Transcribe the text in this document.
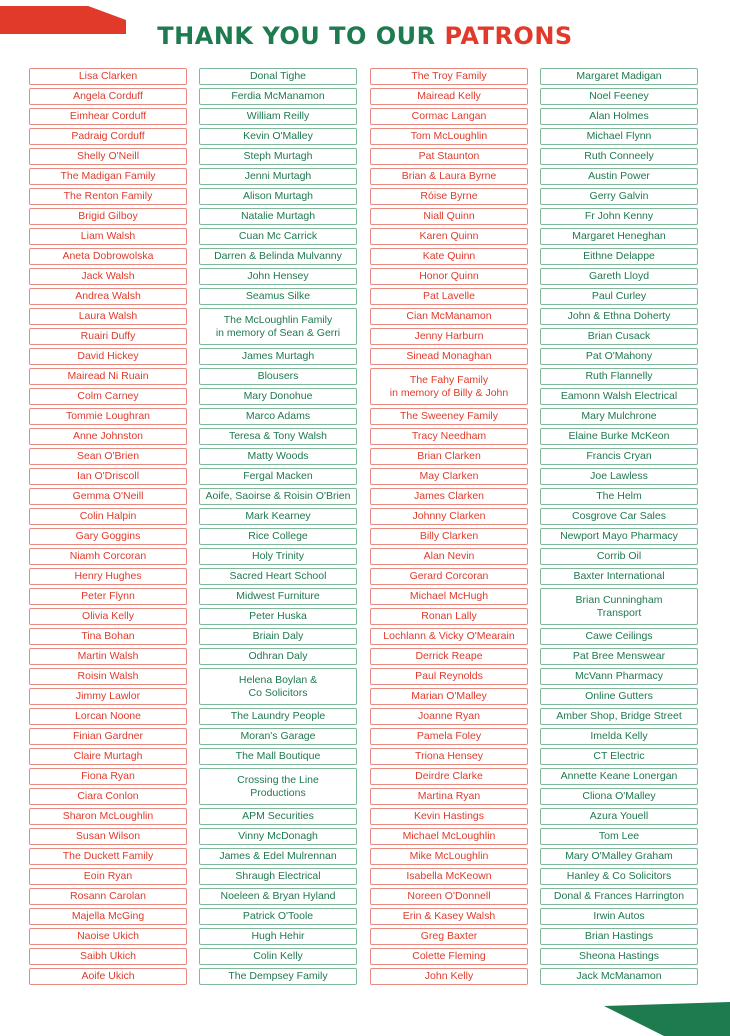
THANK YOU TO OUR PATRONS
Lisa Clarken
Angela Corduff
Eimhear Corduff
Padraig Corduff
Shelly O'Neill
The Madigan Family
The Renton Family
Brigid Gilboy
Liam Walsh
Aneta Dobrowolska
Jack Walsh
Andrea Walsh
Laura Walsh
Ruairi Duffy
David Hickey
Mairead Ni Ruain
Colm Carney
Tommie Loughran
Anne Johnston
Sean O'Brien
Ian O'Driscoll
Gemma O'Neill
Colin Halpin
Gary Goggins
Niamh Corcoran
Henry Hughes
Peter Flynn
Olivia Kelly
Tina Bohan
Martin Walsh
Roisin Walsh
Jimmy Lawlor
Lorcan Noone
Finian Gardner
Claire Murtagh
Fiona Ryan
Ciara Conlon
Sharon McLoughlin
Susan Wilson
The Duckett Family
Eoin Ryan
Rosann Carolan
Majella McGing
Naoise Ukich
Saibh Ukich
Aoife Ukich
Donal Tighe
Ferdia McManamon
William Reilly
Kevin O'Malley
Steph Murtagh
Jenni Murtagh
Alison Murtagh
Natalie Murtagh
Cuan Mc Carrick
Darren & Belinda Mulvanny
John Hensey
Seamus Silke
The McLoughlin Family
in memory of Sean & Gerri
James Murtagh
Blousers
Mary Donohue
Marco Adams
Teresa & Tony Walsh
Matty Woods
Fergal Macken
Aoife, Saoirse & Roisin O'Brien
Mark Kearney
Rice College
Holy Trinity
Sacred Heart School
Midwest Furniture
Peter Huska
Briain Daly
Odhran Daly
Helena Boylan &
Co Solicitors
The Laundry People
Moran's Garage
The Mall Boutique
Crossing the Line
Productions
APM Securities
Vinny McDonagh
James & Edel Mulrennan
Shraugh Electrical
Noeleen & Bryan Hyland
Patrick O'Toole
Hugh Hehir
Colin Kelly
The Dempsey Family
The Troy Family
Mairead Kelly
Cormac Langan
Tom McLoughlin
Pat Staunton
Brian & Laura Byrne
Róise Byrne
Niall Quinn
Karen Quinn
Kate Quinn
Honor Quinn
Pat Lavelle
Cian McManamon
Jenny Harburn
Sinead Monaghan
The Fahy Family
in memory of Billy & John
The Sweeney Family
Tracy Needham
Brian Clarken
May Clarken
James Clarken
Johnny Clarken
Billy Clarken
Alan Nevin
Gerard Corcoran
Michael McHugh
Ronan Lally
Lochlann & Vicky O'Mearain
Derrick Reape
Paul Reynolds
Marian O'Malley
Joanne Ryan
Pamela Foley
Triona Hensey
Deirdre Clarke
Martina Ryan
Kevin Hastings
Michael McLoughlin
Mike McLoughlin
Isabella McKeown
Noreen O'Donnell
Erin & Kasey Walsh
Greg Baxter
Colette Fleming
John Kelly
Margaret Madigan
Noel Feeney
Alan Holmes
Michael Flynn
Ruth Conneely
Austin Power
Gerry Galvin
Fr John Kenny
Margaret Heneghan
Eithne Delappe
Gareth Lloyd
Paul Curley
John & Ethna Doherty
Brian Cusack
Pat O'Mahony
Ruth Flannelly
Eamonn Walsh Electrical
Mary Mulchrone
Elaine Burke McKeon
Francis Cryan
Joe Lawless
The Helm
Cosgrove Car Sales
Newport Mayo Pharmacy
Corrib Oil
Baxter International
Brian Cunningham
Transport
Cawe Ceilings
Pat Bree Menswear
McVann Pharmacy
Online Gutters
Amber Shop, Bridge Street
Imelda Kelly
CT Electric
Annette Keane Lonergan
Cliona O'Malley
Azura Youell
Tom Lee
Mary O'Malley Graham
Hanley & Co Solicitors
Donal & Frances Harrington
Irwin Autos
Brian Hastings
Sheona Hastings
Jack McManamon
